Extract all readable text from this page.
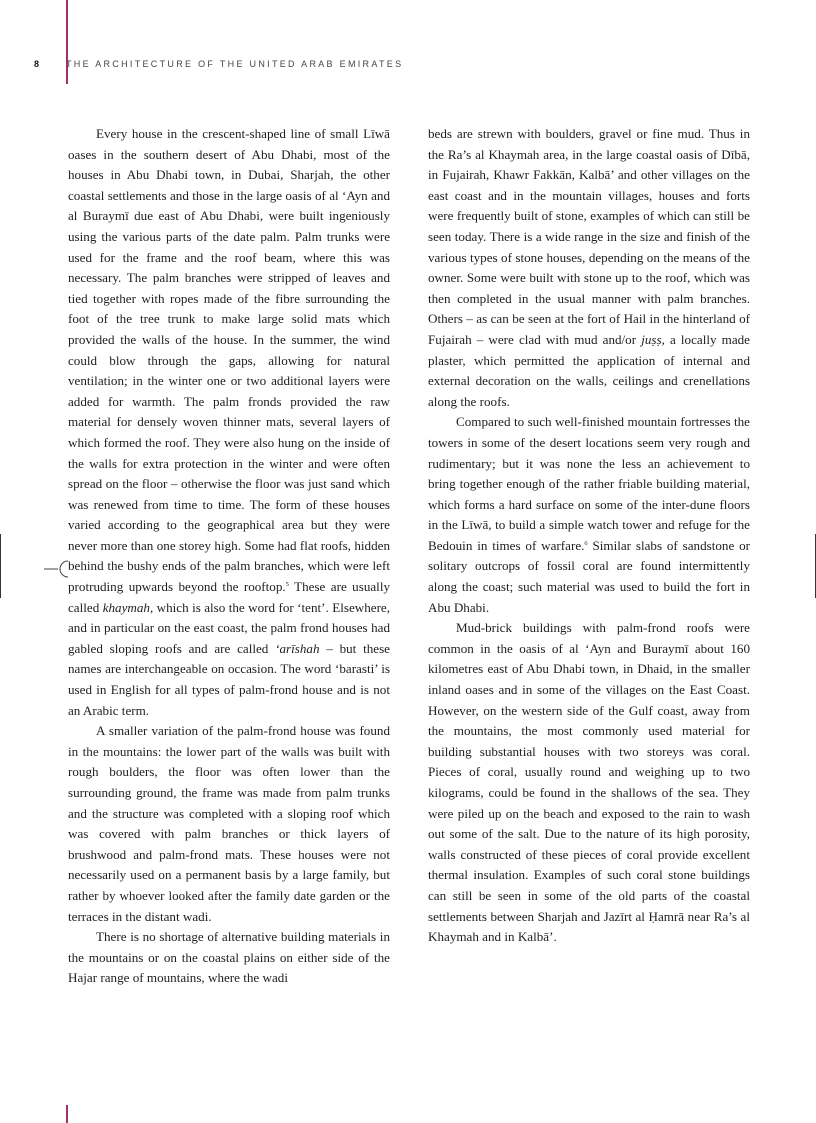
8	THE ARCHITECTURE OF THE UNITED ARAB EMIRATES

Every house in the crescent-shaped line of small Līwā oases in the southern desert of Abu Dhabi, most of the houses in Abu Dhabi town, in Dubai, Sharjah, the other coastal settlements and those in the large oasis of al ‘Ayn and al Buraymī due east of Abu Dhabi, were built ingeniously using the various parts of the date palm. Palm trunks were used for the frame and the roof beam, where this was necessary. The palm branches were stripped of leaves and tied together with ropes made of the fibre surrounding the foot of the tree trunk to make large solid mats which provided the walls of the house. In the summer, the wind could blow through the gaps, allowing for natural ventilation; in the winter one or two additional layers were added for warmth. The palm fronds provided the raw material for densely woven thinner mats, several layers of which formed the roof. They were also hung on the inside of the walls for extra protection in the winter and were often spread on the floor – otherwise the floor was just sand which was renewed from time to time. The form of these houses varied according to the geographical area but they were never more than one storey high. Some had flat roofs, hidden behind the bushy ends of the palm branches, which were left protruding upwards beyond the rooftop.$^5$ These are usually called khaymah, which is also the word for ‘tent’. Elsewhere, and in particular on the east coast, the palm frond houses had gabled sloping roofs and are called ‘arīshah – but these names are interchangeable on occasion. The word ‘barasti’ is used in English for all types of palm-frond house and is not an Arabic term.

A smaller variation of the palm-frond house was found in the mountains: the lower part of the walls was built with rough boulders, the floor was often lower than the surrounding ground, the frame was made from palm trunks and the structure was completed with a sloping roof which was covered with palm branches or thick layers of brushwood and palm-frond mats. These houses were not necessarily used on a permanent basis by a large family, but rather by whoever looked after the family date garden or the terraces in the distant wadi.

There is no shortage of alternative building materials in the mountains or on the coastal plains on either side of the Hajar range of mountains, where the wadi

beds are strewn with boulders, gravel or fine mud. Thus in the Ra’s al Khaymah area, in the large coastal oasis of Dībā, in Fujairah, Khawr Fakkān, Kalbā’ and other villages on the east coast and in the mountain villages, houses and forts were frequently built of stone, examples of which can still be seen today. There is a wide range in the size and finish of the various types of stone houses, depending on the means of the owner. Some were built with stone up to the roof, which was then completed in the usual manner with palm branches. Others – as can be seen at the fort of Hail in the hinterland of Fujairah – were clad with mud and/or juṣṣ, a locally made plaster, which permitted the application of internal and external decoration on the walls, ceilings and crenellations along the roofs.

Compared to such well-finished mountain fortresses the towers in some of the desert locations seem very rough and rudimentary; but it was none the less an achievement to bring together enough of the rather friable building material, which forms a hard surface on some of the inter-dune floors in the Līwā, to build a simple watch tower and refuge for the Bedouin in times of warfare.$^6$ Similar slabs of sandstone or solitary outcrops of fossil coral are found intermittently along the coast; such material was used to build the fort in Abu Dhabi.

Mud-brick buildings with palm-frond roofs were common in the oasis of al ‘Ayn and Buraymī about 160 kilometres east of Abu Dhabi town, in Dhaid, in the smaller inland oases and in some of the villages on the East Coast. However, on the western side of the Gulf coast, away from the mountains, the most commonly used material for building substantial houses with two storeys was coral. Pieces of coral, usually round and weighing up to two kilograms, could be found in the shallows of the sea. They were piled up on the beach and exposed to the rain to wash out some of the salt. Due to the nature of its high porosity, walls constructed of these pieces of coral provide excellent thermal insulation. Examples of such coral stone buildings can still be seen in some of the old parts of the coastal settlements between Sharjah and Jazīrt al Ḥamrā near Ra’s al Khaymah and in Kalbā’.
